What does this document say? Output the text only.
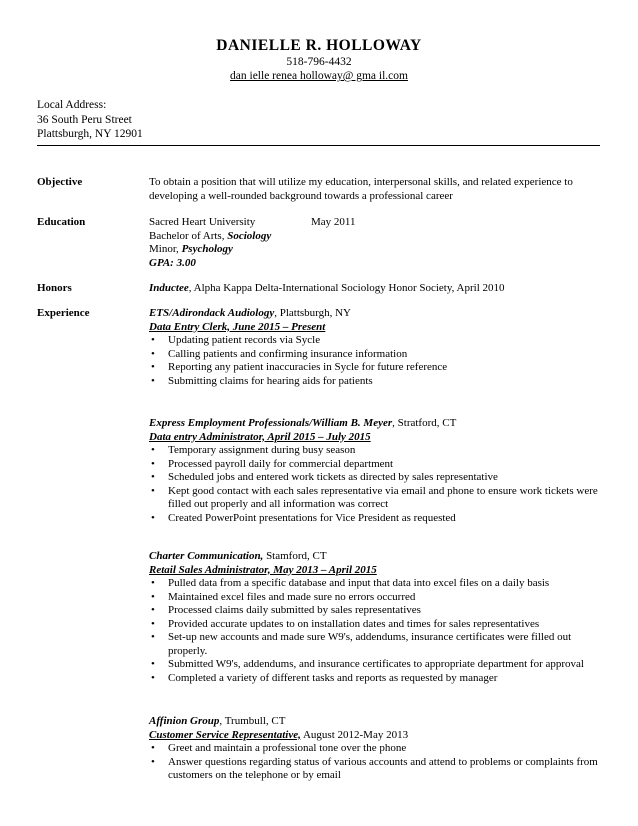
DANIELLE R. HOLLOWAY
518-796-4432
dan ielle renea holloway@ gma il.com
Local Address:
36 South Peru Street
Plattsburgh, NY 12901
Objective	To obtain a position that will utilize my education, interpersonal skills, and related experience to
developing a well-rounded background towards a professional career
Education	Sacred Heart University	May 2011
Bachelor of Arts, Sociology
Minor, Psychology
GPA: 3.00
Honors	Inductee, Alpha Kappa Delta-International Sociology Honor Society, April 2010
Experience	ETS/Adirondack Audiology, Plattsburgh, NY
Data Entry Clerk, June 2015 – Present
• Updating patient records via Sycle
• Calling patients and confirming insurance information
• Reporting any patient inaccuracies in Sycle for future reference
• Submitting claims for hearing aids for patients
Express Employment Professionals/William B. Meyer, Stratford, CT
Data entry Administrator, April 2015 – July 2015
• Temporary assignment during busy season
• Processed payroll daily for commercial department
• Scheduled jobs and entered work tickets as directed by sales representative
• Kept good contact with each sales representative via email and phone to ensure work tickets were filled out properly and all information was correct
• Created PowerPoint presentations for Vice President as requested
Charter Communication, Stamford, CT
Retail Sales Administrator, May 2013 – April 2015
• Pulled data from a specific database and input that data into excel files on a daily basis
• Maintained excel files and made sure no errors occurred
• Processed claims daily submitted by sales representatives
• Provided accurate updates to on installation dates and times for sales representatives
• Set-up new accounts and made sure W9's, addendums, insurance certificates were filled out properly.
• Submitted W9's, addendums, and insurance certificates to appropriate department for approval
• Completed a variety of different tasks and reports as requested by manager
Affinion Group, Trumbull, CT
Customer Service Representative, August 2012-May 2013
• Greet and maintain a professional tone over the phone
• Answer questions regarding status of various accounts and attend to problems or complaints from customers on the telephone or by email
